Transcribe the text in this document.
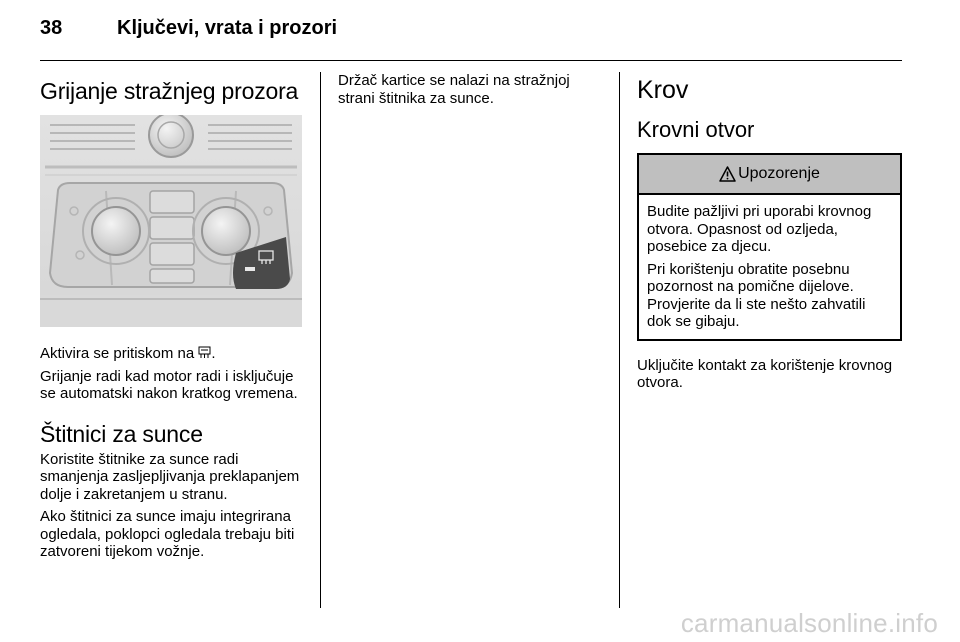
38	Ključevi, vrata i prozori
Grijanje stražnjeg prozora

Aktivira se pritiskom na .

Grijanje radi kad motor radi i isključuje se automatski nakon kratkog vremena.

Štitnici za sunce

Koristite štitnike za sunce radi smanjenja zasljepljivanja preklapanjem dolje i zakretanjem u stranu.

Ako štitnici za sunce imaju integrirana ogledala, poklopci ogledala trebaju biti zatvoreni tijekom vožnje.

Držač kartice se nalazi na stražnjoj strani štitnika za sunce.	Krov
Krovni otvor
Upozorenje

Budite pažljivi pri uporabi krovnog otvora. Opasnost od ozljeda, posebice za djecu.

Pri korištenju obratite posebnu pozornost na pomične dijelove. Provjerite da li ste nešto zahvatili dok se gibaju.

Uključite kontakt za korištenje krovnog otvora.

carmanualsonline.info
